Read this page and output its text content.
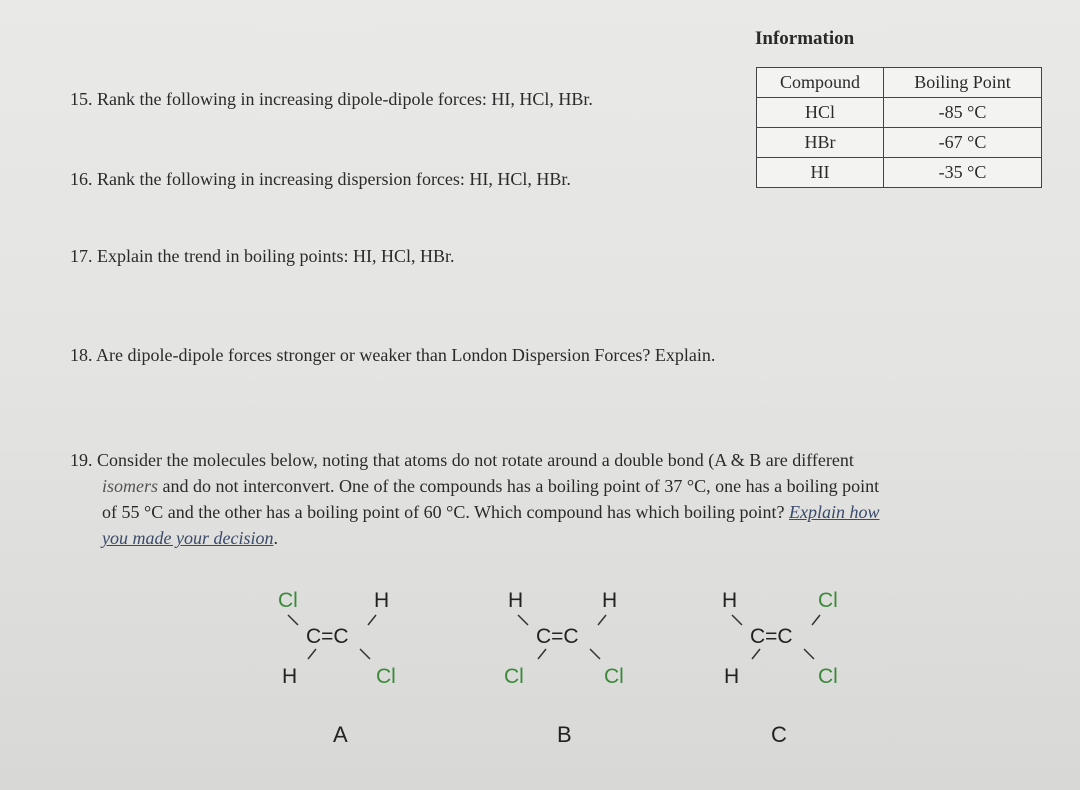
Information
Compound	Boiling Point
HCl	-85 °C
HBr	-67 °C
HI	-35 °C
15. Rank the following in increasing dipole-dipole forces: HI, HCl, HBr.
16. Rank the following in increasing dispersion forces: HI, HCl, HBr.
17. Explain the trend in boiling points: HI, HCl, HBr.
18. Are dipole-dipole forces stronger or weaker than London Dispersion Forces? Explain.
19. Consider the molecules below, noting that atoms do not rotate around a double bond (A & B are different
isomers and do not interconvert. One of the compounds has a boiling point of 37 °C, one has a boiling point
of 55 °C and the other has a boiling point of 60 °C. Which compound has which boiling point? Explain how
you made your decision.
Cl	H
C=C
H	Cl
H	H
C=C
Cl	Cl
H	Cl
C=C
H	Cl
A	B	C
